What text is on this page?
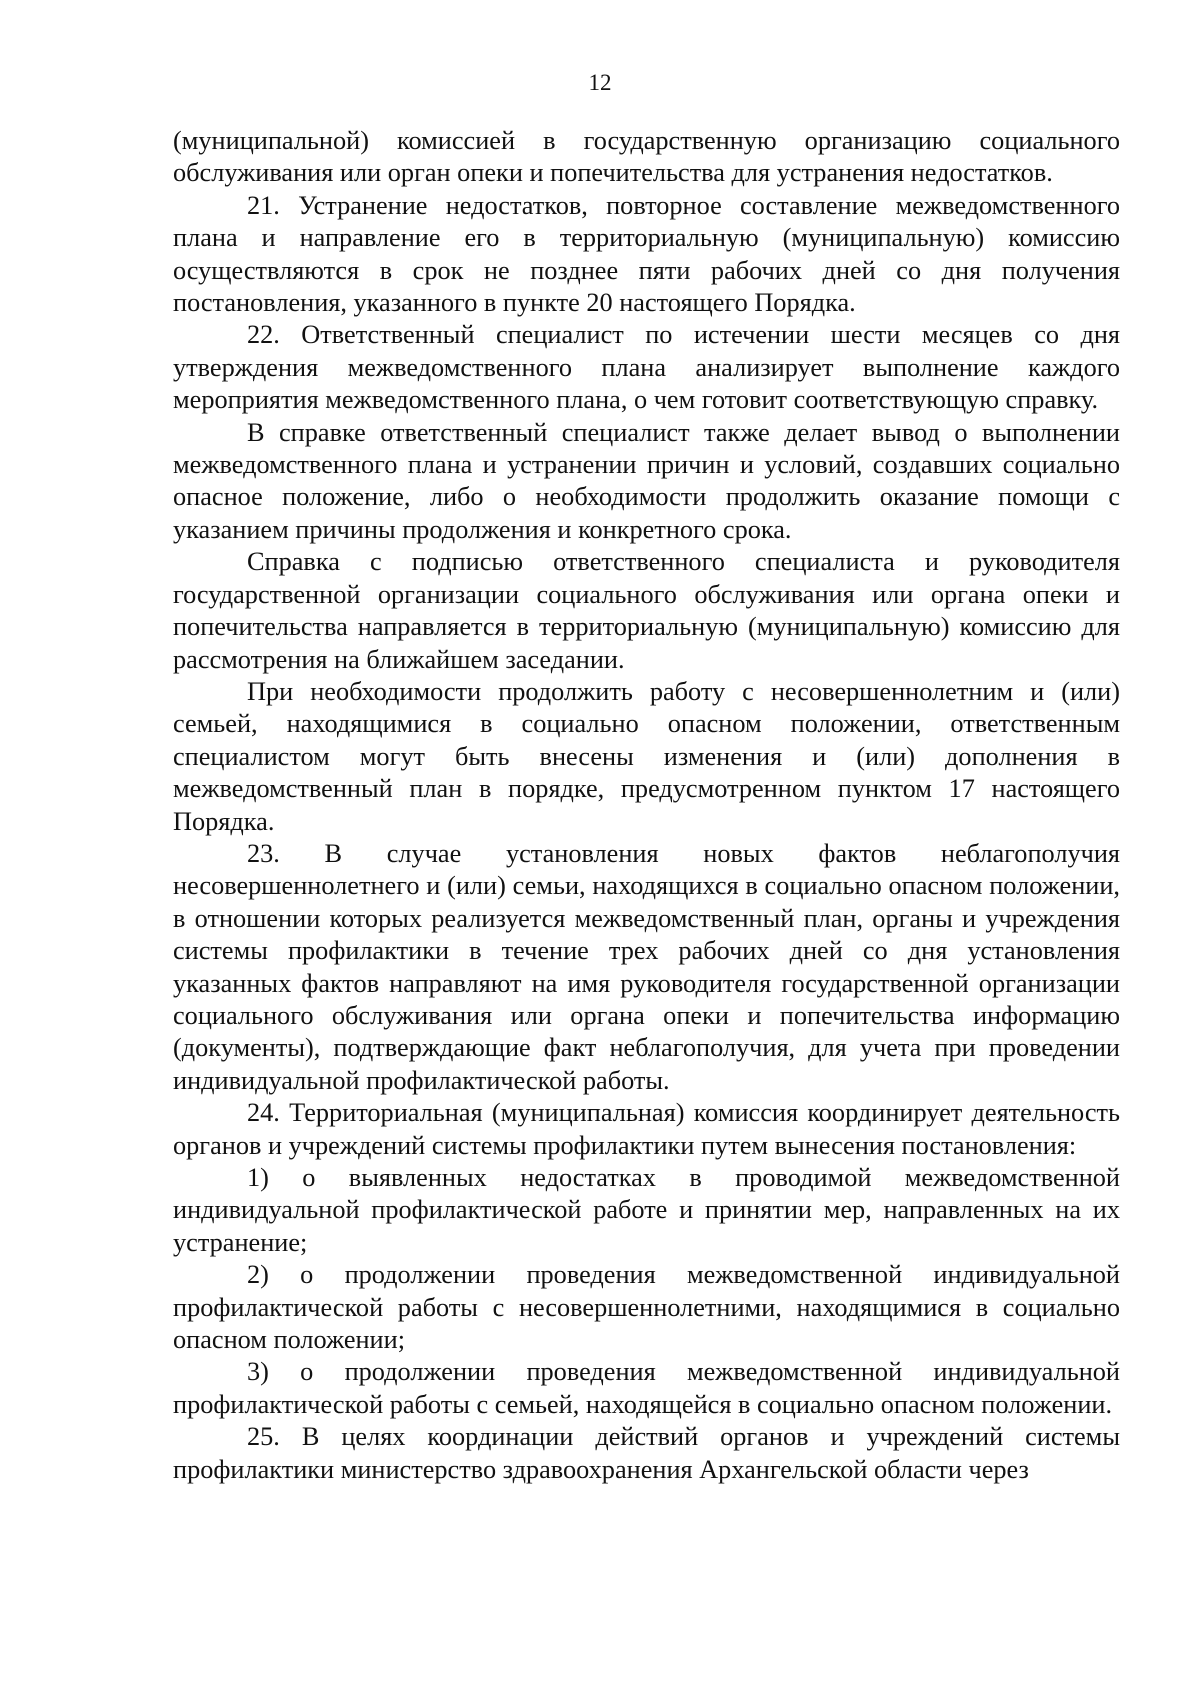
12

(муниципальной) комиссией в государственную организацию социального обслуживания или орган опеки и попечительства для устранения недостатков.

21. Устранение недостатков, повторное составление межведомственного плана и направление его в территориальную (муниципальную) комиссию осуществляются в срок не позднее пяти рабочих дней со дня получения постановления, указанного в пункте 20 настоящего Порядка.

22. Ответственный специалист по истечении шести месяцев со дня утверждения межведомственного плана анализирует выполнение каждого мероприятия межведомственного плана, о чем готовит соответствующую справку.

В справке ответственный специалист также делает вывод о выполнении межведомственного плана и устранении причин и условий, создавших социально опасное положение, либо о необходимости продолжить оказание помощи с указанием причины продолжения и конкретного срока.

Справка с подписью ответственного специалиста и руководителя государственной организации социального обслуживания или органа опеки и попечительства направляется в территориальную (муниципальную) комиссию для рассмотрения на ближайшем заседании.

При необходимости продолжить работу с несовершеннолетним и (или) семьей, находящимися в социально опасном положении, ответственным специалистом могут быть внесены изменения и (или) дополнения в межведомственный план в порядке, предусмотренном пунктом 17 настоящего Порядка.

23. В случае установления новых фактов неблагополучия несовершеннолетнего и (или) семьи, находящихся в социально опасном положении, в отношении которых реализуется межведомственный план, органы и учреждения системы профилактики в течение трех рабочих дней со дня установления указанных фактов направляют на имя руководителя государственной организации социального обслуживания или органа опеки и попечительства информацию (документы), подтверждающие факт неблагополучия, для учета при проведении индивидуальной профилактической работы.

24. Территориальная (муниципальная) комиссия координирует деятельность органов и учреждений системы профилактики путем вынесения постановления:

1) о выявленных недостатках в проводимой межведомственной индивидуальной профилактической работе и принятии мер, направленных на их устранение;

2) о продолжении проведения межведомственной индивидуальной профилактической работы с несовершеннолетними, находящимися в социально опасном положении;

3) о продолжении проведения межведомственной индивидуальной профилактической работы с семьей, находящейся в социально опасном положении.

25. В целях координации действий органов и учреждений системы профилактики министерство здравоохранения Архангельской области через
